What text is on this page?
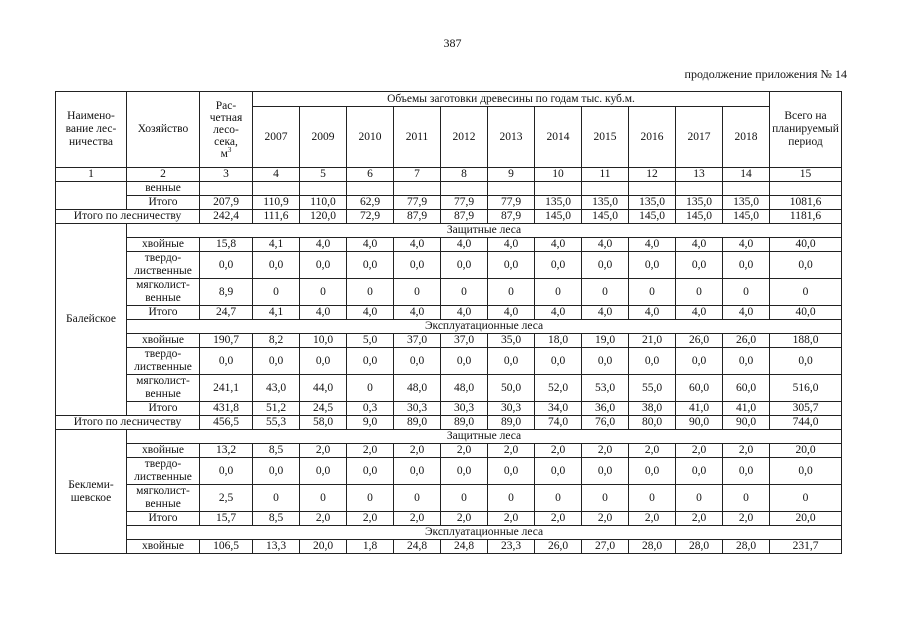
387
продолжение приложения № 14
Наимено-
вание лес-
ничества	Хозяйство	Рас-
четная
лесо-
сека,
$м^3$	Объемы заготовки древесины по годам тыс. куб.м.											Всего на
планируемый
период
			2007	2009	2010	2011	2012	2013	2014	2015	2016	2017	2018	
1	2	3	4	5	6	7	8	9	10	11	12	13	14	15
	венные													
	Итого	207,9	110,9	110,0	62,9	77,9	77,9	77,9	135,0	135,0	135,0	135,0	135,0	1081,6
Итого по лесничеству		242,4	111,6	120,0	72,9	87,9	87,9	87,9	145,0	145,0	145,0	145,0	145,0	1181,6
Балейское	Защитные леса													
	хвойные	15,8	4,1	4,0	4,0	4,0	4,0	4,0	4,0	4,0	4,0	4,0	4,0	40,0
	твердо-
лиственные	0,0	0,0	0,0	0,0	0,0	0,0	0,0	0,0	0,0	0,0	0,0	0,0	0,0
	мягколист-
венные	8,9	0	0	0	0	0	0	0	0	0	0	0	0
	Итого	24,7	4,1	4,0	4,0	4,0	4,0	4,0	4,0	4,0	4,0	4,0	4,0	40,0
	Эксплуатационные леса													
	хвойные	190,7	8,2	10,0	5,0	37,0	37,0	35,0	18,0	19,0	21,0	26,0	26,0	188,0
	твердо-
лиственные	0,0	0,0	0,0	0,0	0,0	0,0	0,0	0,0	0,0	0,0	0,0	0,0	0,0
	мягколист-
венные	241,1	43,0	44,0	0	48,0	48,0	50,0	52,0	53,0	55,0	60,0	60,0	516,0
	Итого	431,8	51,2	24,5	0,3	30,3	30,3	30,3	34,0	36,0	38,0	41,0	41,0	305,7
Итого по лесничеству		456,5	55,3	58,0	9,0	89,0	89,0	89,0	74,0	76,0	80,0	90,0	90,0	744,0
Беклеми-
шевское	Защитные леса													
	хвойные	13,2	8,5	2,0	2,0	2,0	2,0	2,0	2,0	2,0	2,0	2,0	2,0	20,0
	твердо-
лиственные	0,0	0,0	0,0	0,0	0,0	0,0	0,0	0,0	0,0	0,0	0,0	0,0	0,0
	мягколист-
венные	2,5	0	0	0	0	0	0	0	0	0	0	0	0
	Итого	15,7	8,5	2,0	2,0	2,0	2,0	2,0	2,0	2,0	2,0	2,0	2,0	20,0
	Эксплуатационные леса													
	хвойные	106,5	13,3	20,0	1,8	24,8	24,8	23,3	26,0	27,0	28,0	28,0	28,0	231,7
